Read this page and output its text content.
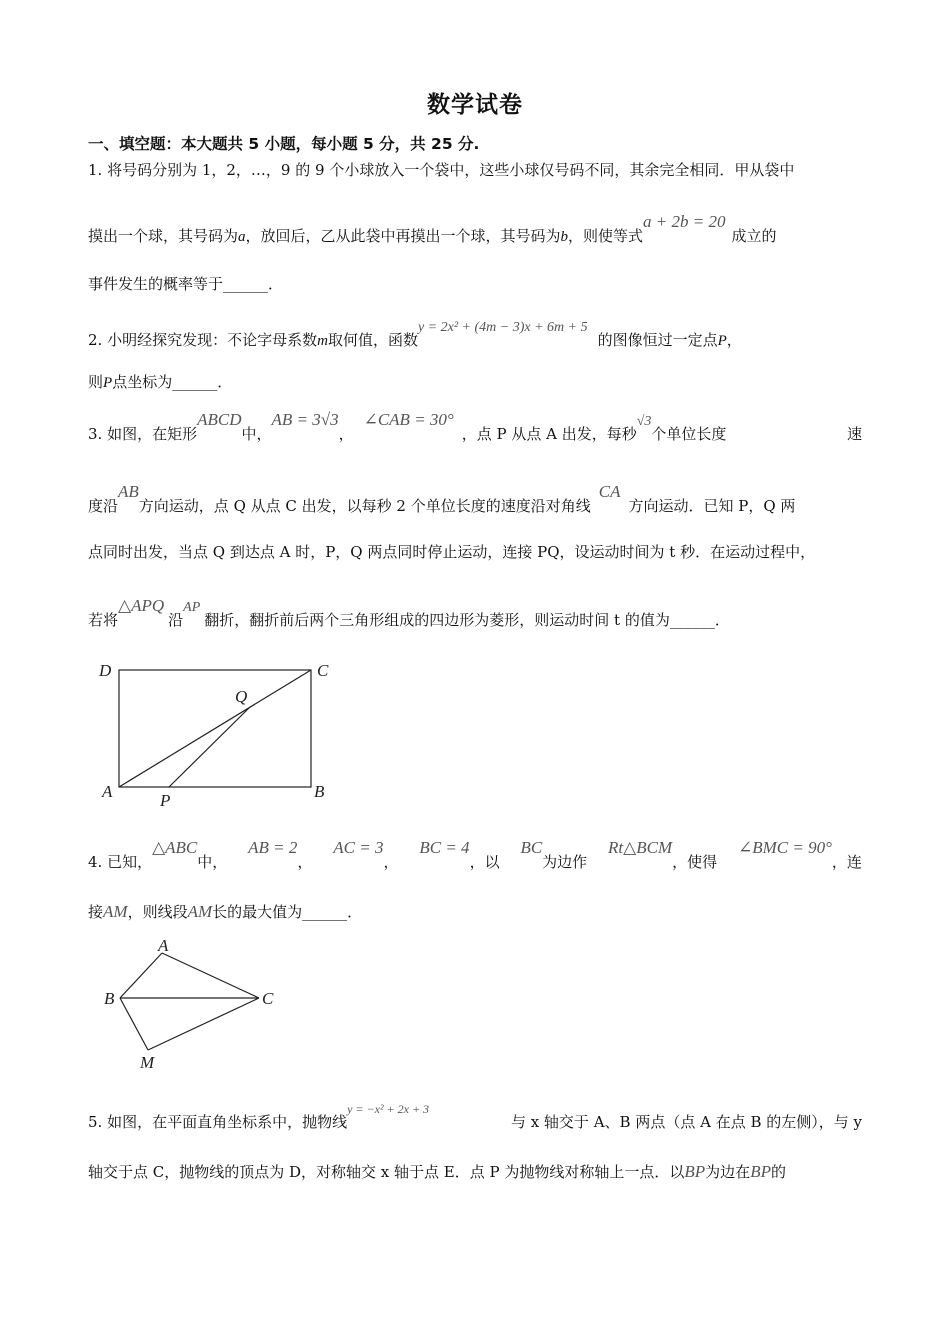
数学试卷
一、填空题：本大题共 5 小题，每小题 5 分，共 25 分.
1. 将号码分别为 1，2，…，9 的 9 个小球放入一个袋中，这些小球仅号码不同，其余完全相同．甲从袋中
摸出一个球，其号码为a，放回后，乙从此袋中再摸出一个球，其号码为b，则使等式a + 2b = 20成立的
事件发生的概率等于______．
2. 小明经探究发现：不论字母系数m取何值，函数y = 2x² + (4m − 3)x + 6m + 5的图像恒过一定点P，
则P点坐标为______．
3. 如图，在矩形ABCD中，AB = 3√3，∠CAB = 30°，点 P 从点 A 出发，每秒√3个单位长度	速
度沿AB方向运动，点 Q 从点 C 出发，以每秒 2 个单位长度的速度沿对角线CA方向运动．已知 P，Q 两
点同时出发，当点 Q 到达点 A 时，P，Q 两点同时停止运动，连接 PQ，设运动时间为 t 秒．在运动过程中，
若将△APQ沿AP翻折，翻折前后两个三角形组成的四边形为菱形，则运动时间 t 的值为______．
D	C
A	B
Q
P
4. 已知，△ABC中，
AB = 2，
AC = 3，
BC = 4，以
BC为边作
Rt△BCM，使得
∠BMC = 90°，连
接AM，则线段AM长的最大值为______．
A
B	C
M
5. 如图，在平面直角坐标系中，抛物线$^{y = -x^2 + 2x + 3}$
与 x 轴交于 A、B 两点（点 A 在点 B 的左侧），与 y
轴交于点 C，抛物线的顶点为 D，对称轴交 x 轴于点 E．点 P 为抛物线对称轴上一点．以BP为边在BP的
